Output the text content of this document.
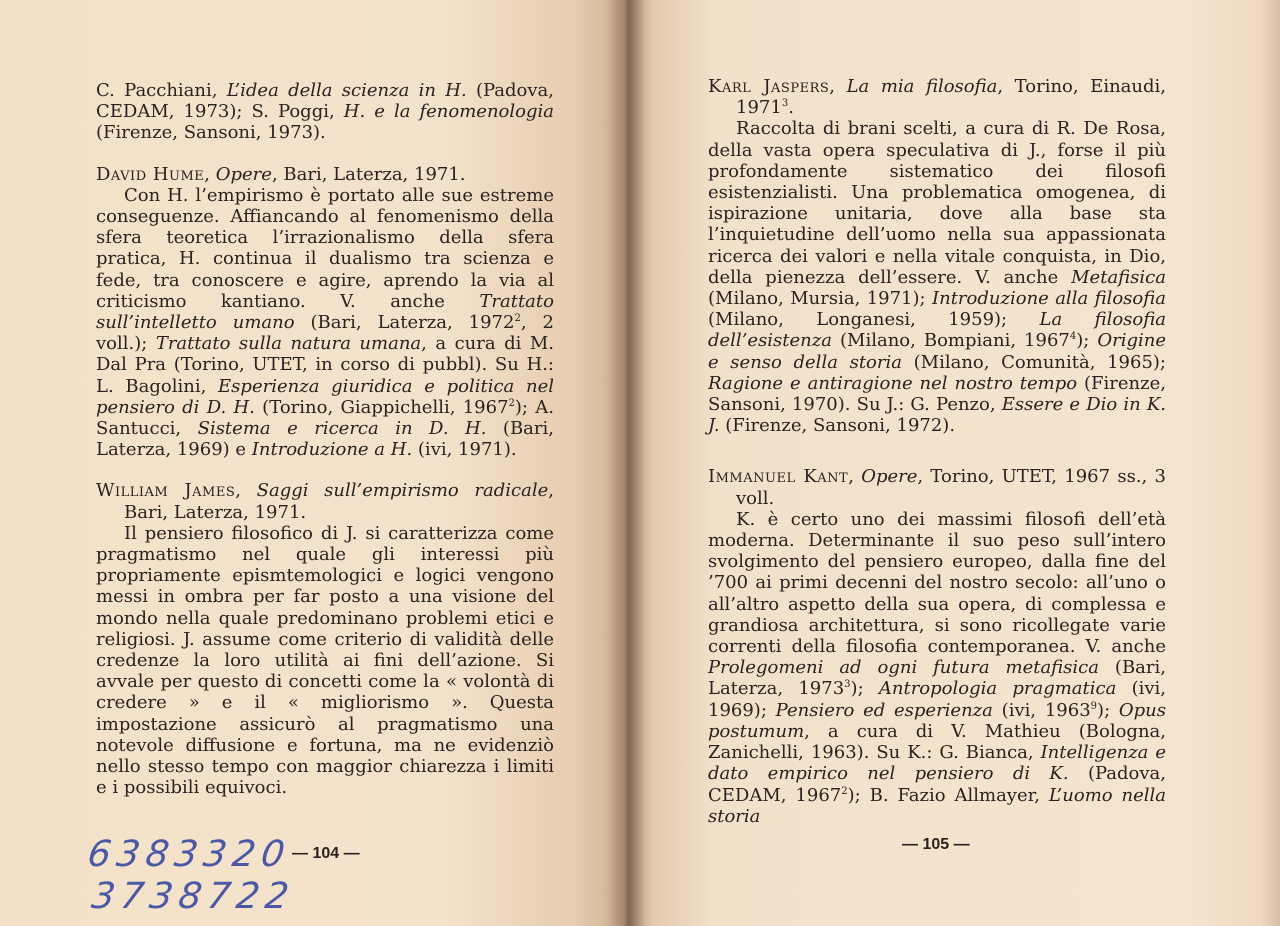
C. Pacchiani, L’idea della scienza in H. (Padova, CEDAM, 1973); S. Poggi, H. e la fenomenologia (Firenze, Sansoni, 1973).

David Hume, Opere, Bari, Laterza, 1971.

Con H. l’empirismo è portato alle sue estreme conseguenze. Affiancando al fenomenismo della sfera teoretica l’irrazionalismo della sfera pratica, H. continua il dualismo tra scienza e fede, tra conoscere e agire, aprendo la via al criticismo kantiano. V. anche Trattato sull’intelletto umano (Bari, Laterza, 1972$^2$, 2 voll.); Trattato sulla natura umana, a cura di M. Dal Pra (Torino, UTET, in corso di pubbl). Su H.: L. Bagolini, Esperienza giuridica e politica nel pensiero di D. H. (Torino, Giappichelli, 1967$^2$); A. Santucci, Sistema e ricerca in D. H. (Bari, Laterza, 1969) e Introduzione a H. (ivi, 1971).

William James, Saggi sull’empirismo radicale, Bari, Laterza, 1971.

Il pensiero filosofico di J. si caratterizza come pragmatismo nel quale gli interessi più propriamente epismtemologici e logici vengono messi in ombra per far posto a una visione del mondo nella quale predominano problemi etici e religiosi. J. assume come criterio di validità delle credenze la loro utilità ai fini dell’azione. Si avvale per questo di concetti come la « volontà di credere » e il « migliorismo ». Questa impostazione assicurò al pragmatismo una notevole diffusione e fortuna, ma ne evidenziò nello stesso tempo con maggior chiarezza i limiti e i possibili equivoci.

— 104 —
6383320
3738722

Karl Jaspers, La mia filosofia, Torino, Einaudi, 1971$^3$.

Raccolta di brani scelti, a cura di R. De Rosa, della vasta opera speculativa di J., forse il più profondamente sistematico dei filosofi esistenzialisti. Una problematica omogenea, di ispirazione unitaria, dove alla base sta l’inquietudine dell’uomo nella sua appassionata ricerca dei valori e nella vitale conquista, in Dio, della pienezza dell’essere. V. anche Metafisica (Milano, Mursia, 1971); Introduzione alla filosofia (Milano, Longanesi, 1959); La filosofia dell’esistenza (Milano, Bompiani, 1967$^4$); Origine e senso della storia (Milano, Comunità, 1965); Ragione e antiragione nel nostro tempo (Firenze, Sansoni, 1970). Su J.: G. Penzo, Essere e Dio in K. J. (Firenze, Sansoni, 1972).

Immanuel Kant, Opere, Torino, UTET, 1967 ss., 3 voll.

K. è certo uno dei massimi filosofi dell’età moderna. Determinante il suo peso sull’intero svolgimento del pensiero europeo, dalla fine del ’700 ai primi decenni del nostro secolo: all’uno o all’altro aspetto della sua opera, di complessa e grandiosa architettura, si sono ricollegate varie correnti della filosofia contemporanea. V. anche Prolegomeni ad ogni futura metafisica (Bari, Laterza, 1973$^3$); Antropologia pragmatica (ivi, 1969); Pensiero ed esperienza (ivi, 1963$^9$); Opus postumum, a cura di V. Mathieu (Bologna, Zanichelli, 1963). Su K.: G. Bianca, Intelligenza e dato empirico nel pensiero di K. (Padova, CEDAM, 1967$^2$); B. Fazio Allmayer, L’uomo nella storia

— 105 —
